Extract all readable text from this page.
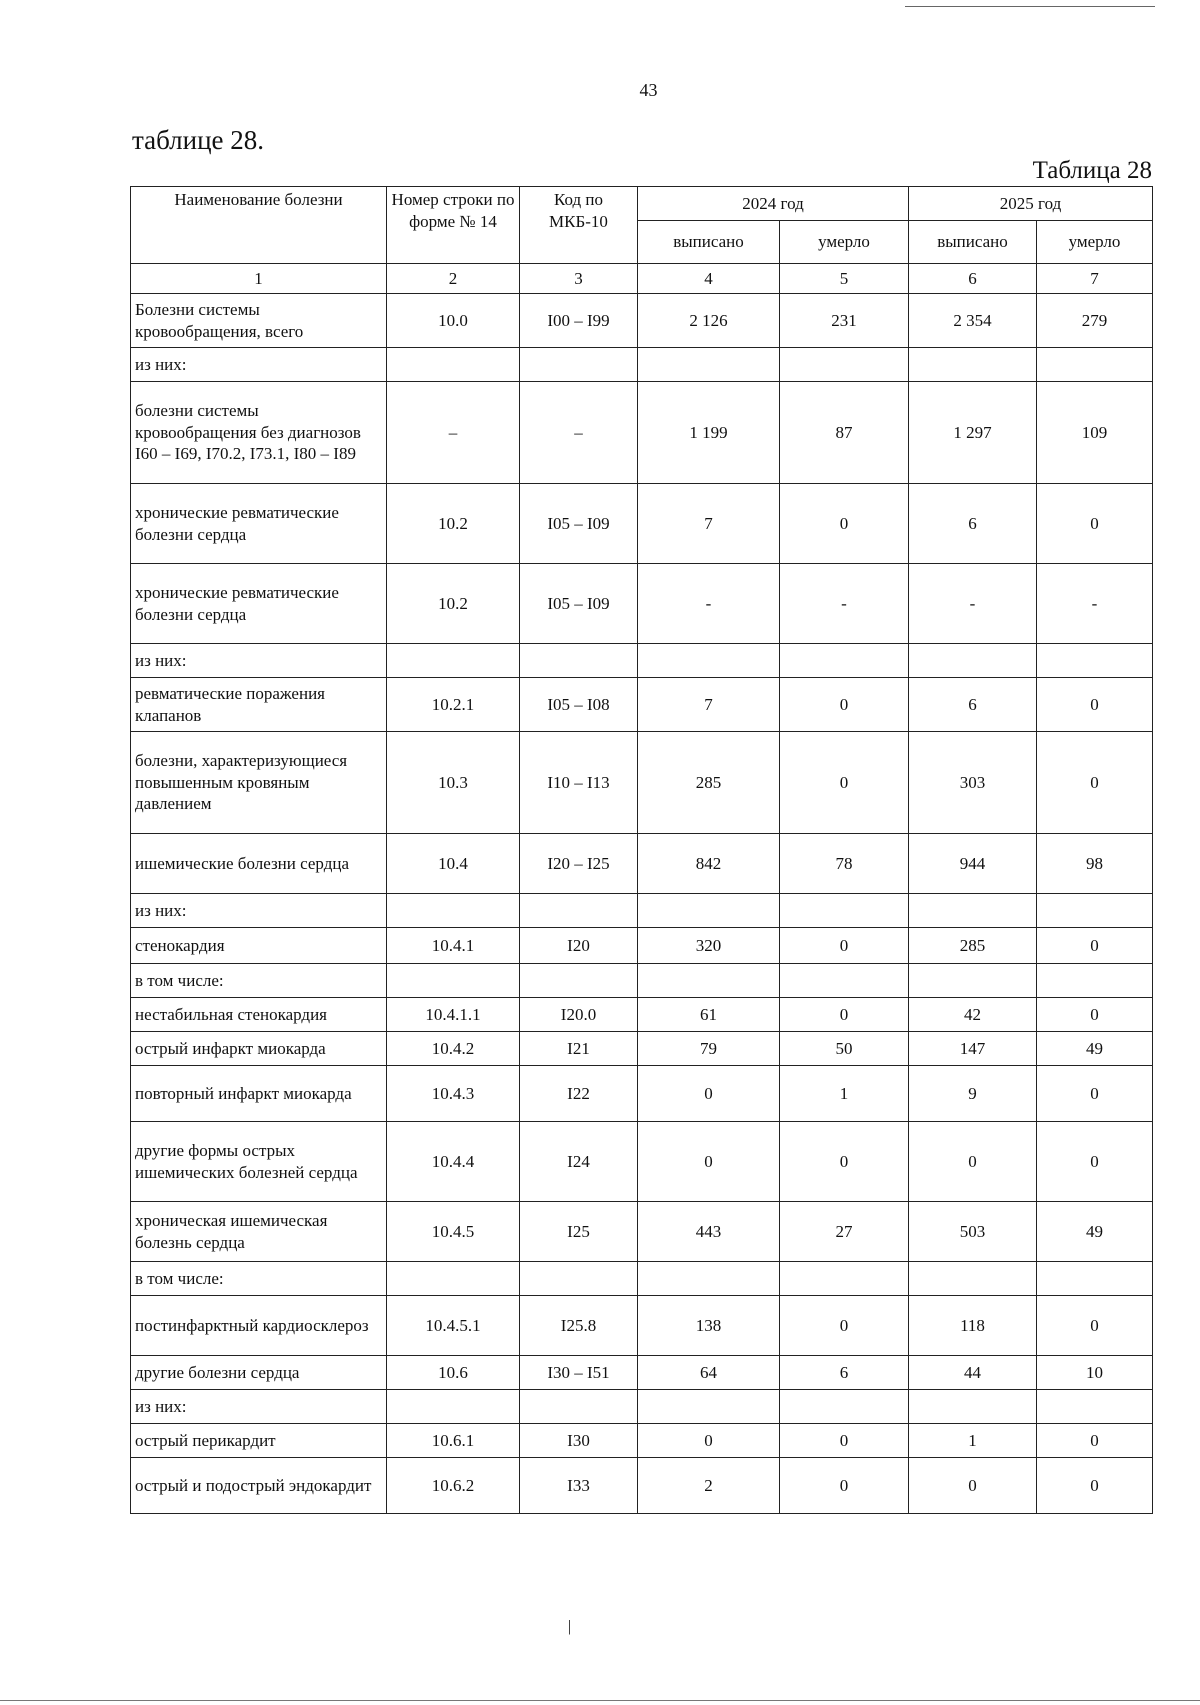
43
таблице 28.
Таблица 28
Наименование болезни	Номер строки по форме № 14	Код по МКБ-10	2024 год		2025 год	
			выписано	умерло	выписано	умерло
1	2	3	4	5	6	7
Болезни системы кровообращения, всего	10.0	I00 – I99	2 126	231	2 354	279
из них:						
болезни системы кровообращения без диагнозов I60 – I69, I70.2, I73.1, I80 – I89	–	–	1 199	87	1 297	109
хронические ревматические болезни сердца	10.2	I05 – I09	7	0	6	0
хронические ревматические болезни сердца	10.2	I05 – I09	-	-	-	-
из них:						
ревматические поражения клапанов	10.2.1	I05 – I08	7	0	6	0
болезни, характеризующиеся повышенным кровяным давлением	10.3	I10 – I13	285	0	303	0
ишемические болезни сердца	10.4	I20 – I25	842	78	944	98
из них:						
стенокардия	10.4.1	I20	320	0	285	0
в том числе:						
нестабильная стенокардия	10.4.1.1	I20.0	61	0	42	0
острый инфаркт миокарда	10.4.2	I21	79	50	147	49
повторный инфаркт миокарда	10.4.3	I22	0	1	9	0
другие формы острых ишемических болезней сердца	10.4.4	I24	0	0	0	0
хроническая ишемическая болезнь сердца	10.4.5	I25	443	27	503	49
в том числе:						
постинфарктный кардиосклероз	10.4.5.1	I25.8	138	0	118	0
другие болезни сердца	10.6	I30 – I51	64	6	44	10
из них:						
острый перикардит	10.6.1	I30	0	0	1	0
острый и подострый эндокардит	10.6.2	I33	2	0	0	0
|
